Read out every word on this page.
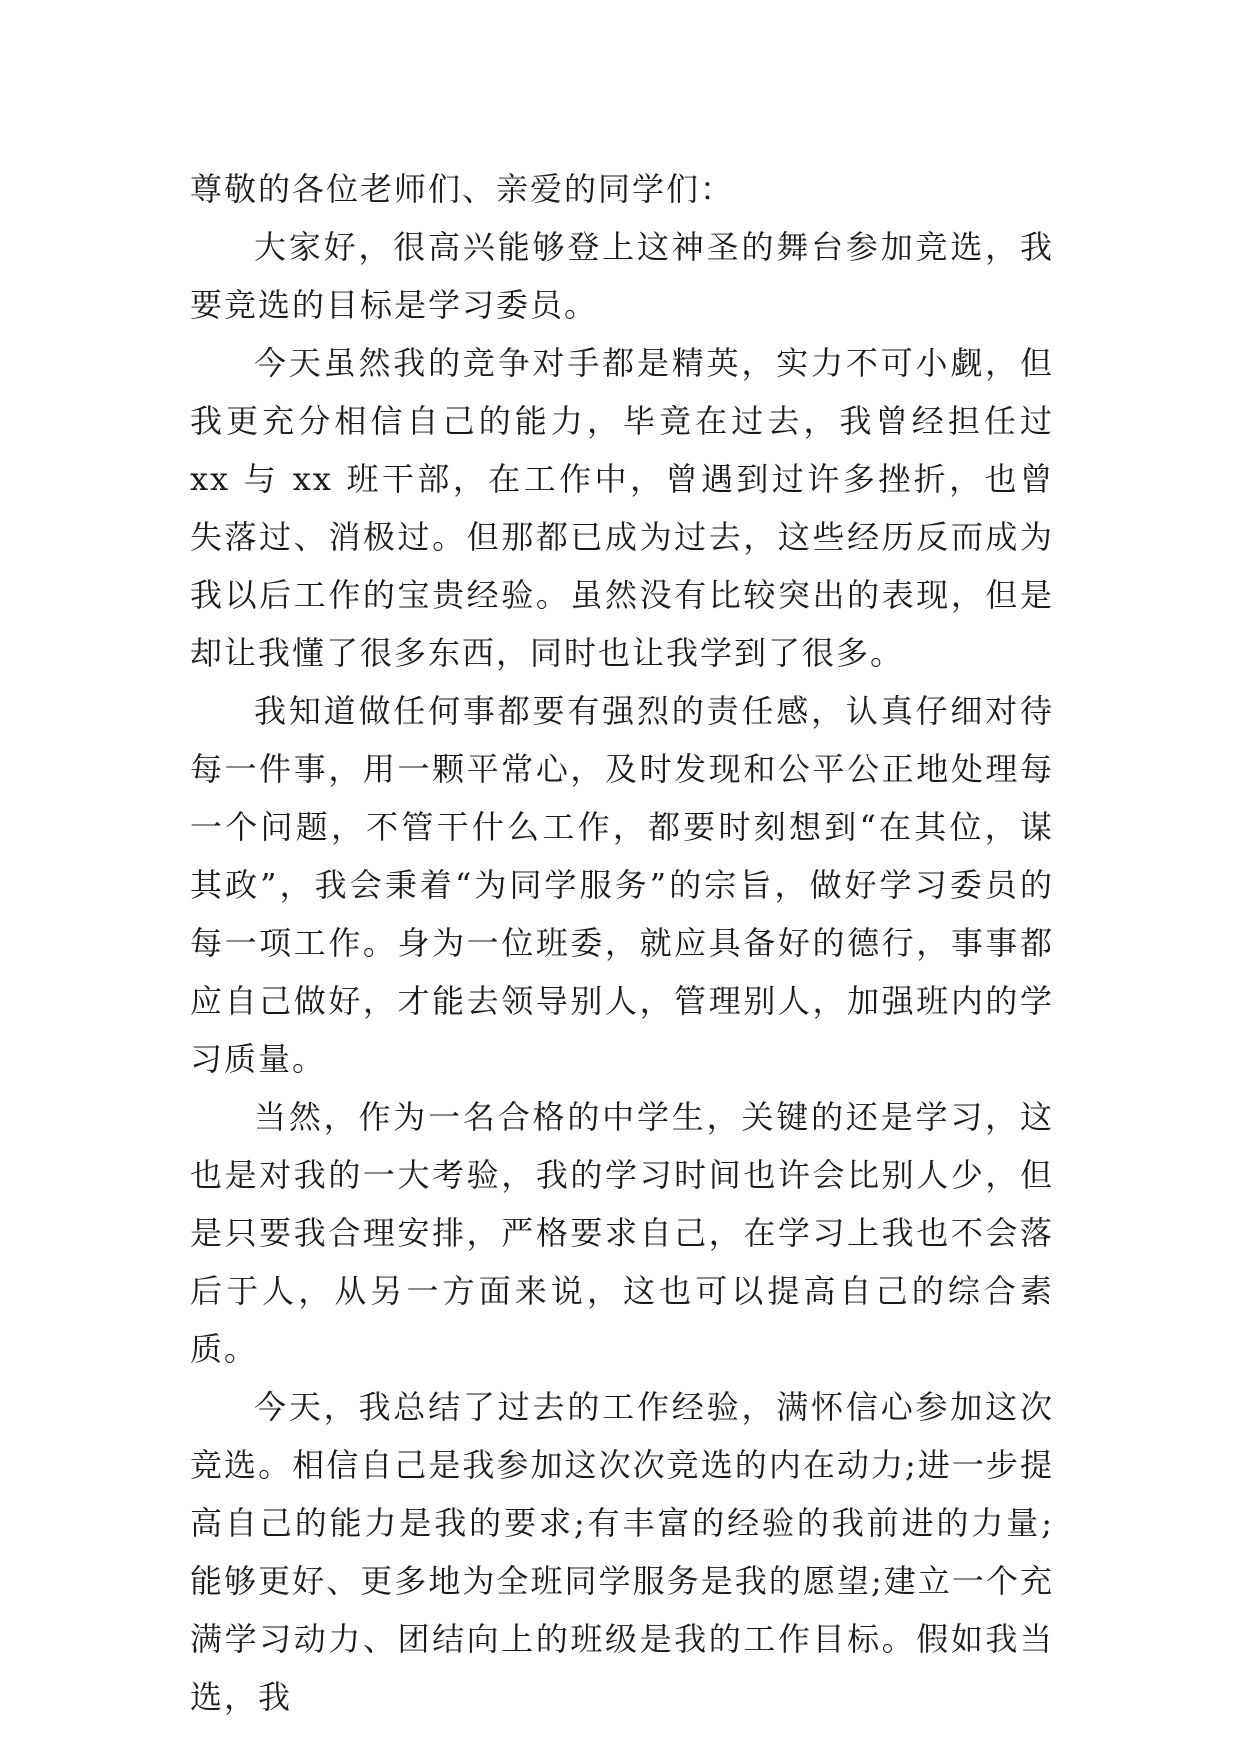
尊敬的各位老师们、亲爱的同学们：

大家好，很高兴能够登上这神圣的舞台参加竞选，我要竞选的目标是学习委员。

今天虽然我的竞争对手都是精英，实力不可小觑，但我更充分相信自己的能力，毕竟在过去，我曾经担任过 xx 与 xx 班干部，在工作中，曾遇到过许多挫折，也曾失落过、消极过。但那都已成为过去，这些经历反而成为我以后工作的宝贵经验。虽然没有比较突出的表现，但是却让我懂了很多东西，同时也让我学到了很多。

我知道做任何事都要有强烈的责任感，认真仔细对待每一件事，用一颗平常心，及时发现和公平公正地处理每一个问题，不管干什么工作，都要时刻想到“在其位，谋其政”，我会秉着“为同学服务”的宗旨，做好学习委员的每一项工作。身为一位班委，就应具备好的德行，事事都应自己做好，才能去领导别人，管理别人，加强班内的学习质量。

当然，作为一名合格的中学生，关键的还是学习，这也是对我的一大考验，我的学习时间也许会比别人少，但是只要我合理安排，严格要求自己，在学习上我也不会落后于人，从另一方面来说，这也可以提高自己的综合素质。

今天，我总结了过去的工作经验，满怀信心参加这次竞选。相信自己是我参加这次次竞选的内在动力;进一步提高自己的能力是我的要求;有丰富的经验的我前进的力量;能够更好、更多地为全班同学服务是我的愿望;建立一个充满学习动力、团结向上的班级是我的工作目标。假如我当选，我
